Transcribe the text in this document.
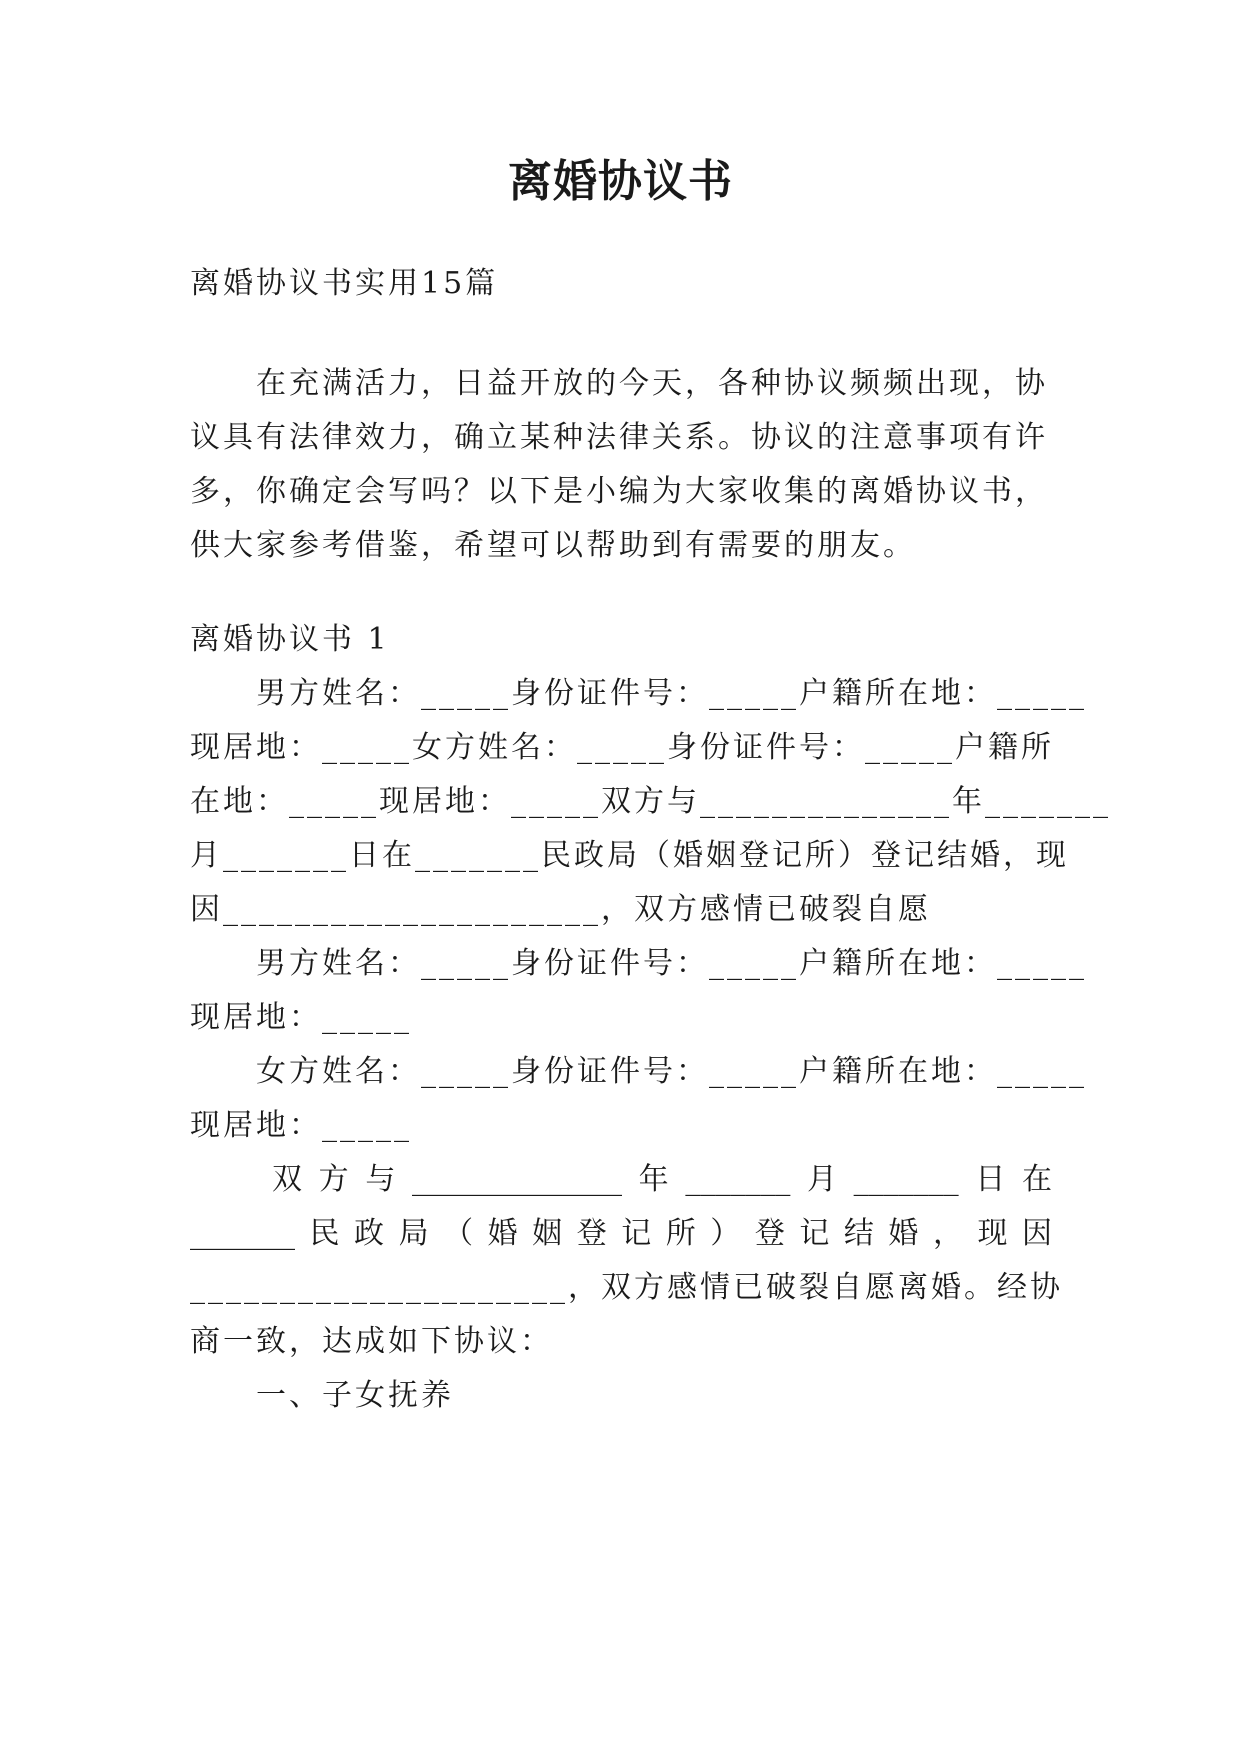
离婚协议书
离婚协议书实用15篇
在充满活力，日益开放的今天，各种协议频频出现，协
议具有法律效力，确立某种法律关系。协议的注意事项有许
多，你确定会写吗？以下是小编为大家收集的离婚协议书，
供大家参考借鉴，希望可以帮助到有需要的朋友。
离婚协议书 1
男方姓名：_____身份证件号：_____户籍所在地：_____
现居地：_____女方姓名：_____身份证件号：_____户籍所
在地：_____现居地：_____双方与______________年_______
月_______日在_______民政局（婚姻登记所）登记结婚，现
因_____________________，双方感情已破裂自愿
男方姓名：_____身份证件号：_____户籍所在地：_____
现居地：_____
女方姓名：_____身份证件号：_____户籍所在地：_____
现居地：_____
双方与______________年_______月_______日在
_______民政局（婚姻登记所）登记结婚，现因
_____________________，双方感情已破裂自愿离婚。经协
商一致，达成如下协议：
一、子女抚养
